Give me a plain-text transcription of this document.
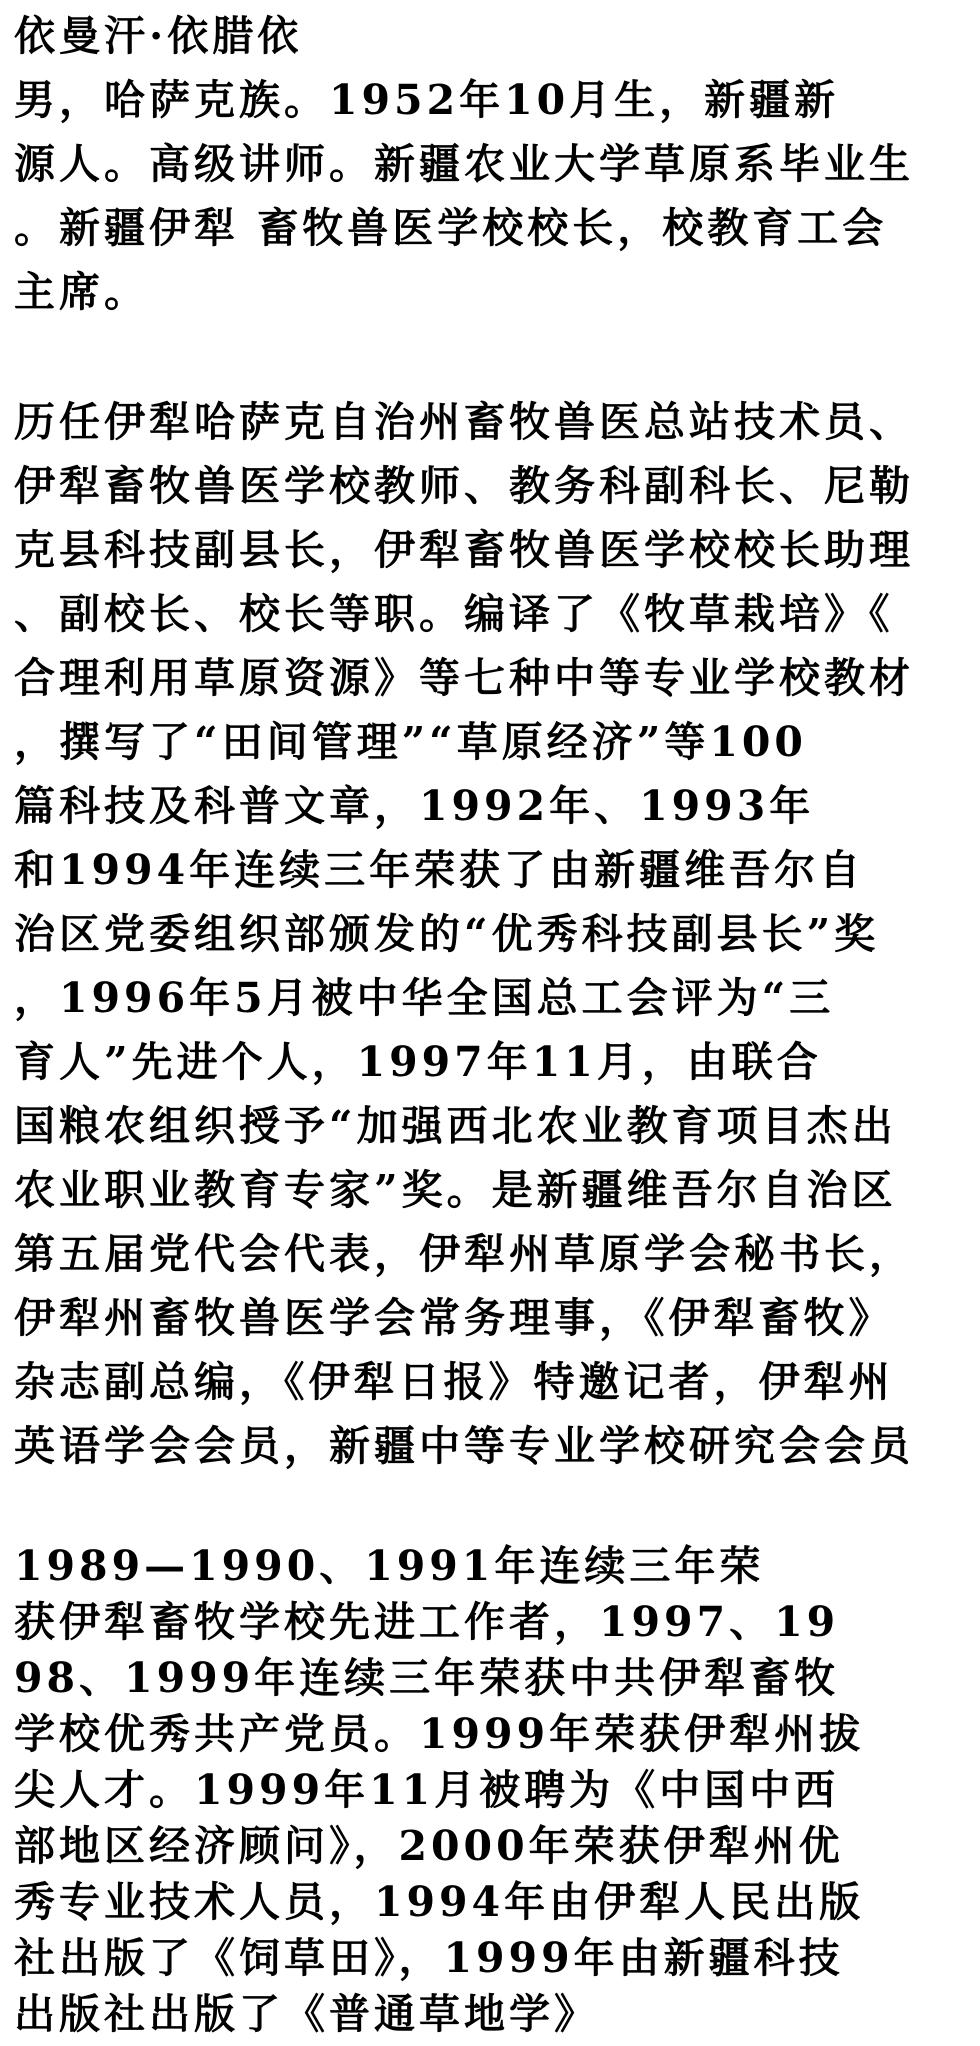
依曼汗·依腊依
男，哈萨克族。1952年10月生，新疆新
源人。高级讲师。新疆农业大学草原系毕业生
。新疆伊犁 畜牧兽医学校校长，校教育工会
主席。
历任伊犁哈萨克自治州畜牧兽医总站技术员、
伊犁畜牧兽医学校教师、教务科副科长、尼勒
克县科技副县长，伊犁畜牧兽医学校校长助理
、副校长、校长等职。编译了《牧草栽培》《
合理利用草原资源》等七种中等专业学校教材
，撰写了“田间管理”“草原经济”等100
篇科技及科普文章，1992年、1993年
和1994年连续三年荣获了由新疆维吾尔自
治区党委组织部颁发的“优秀科技副县长”奖
，1996年5月被中华全国总工会评为“三
育人”先进个人，1997年11月，由联合
国粮农组织授予“加强西北农业教育项目杰出
农业职业教育专家”奖。是新疆维吾尔自治区
第五届党代会代表，伊犁州草原学会秘书长，
伊犁州畜牧兽医学会常务理事，《伊犁畜牧》
杂志副总编，《伊犁日报》特邀记者，伊犁州
英语学会会员，新疆中等专业学校研究会会员
1989—1990、1991年连续三年荣
获伊犁畜牧学校先进工作者，1997、19
98、1999年连续三年荣获中共伊犁畜牧
学校优秀共产党员。1999年荣获伊犁州拔
尖人才。1999年11月被聘为《中国中西
部地区经济顾问》，2000年荣获伊犁州优
秀专业技术人员，1994年由伊犁人民出版
社出版了《饲草田》，1999年由新疆科技
出版社出版了《普通草地学》
